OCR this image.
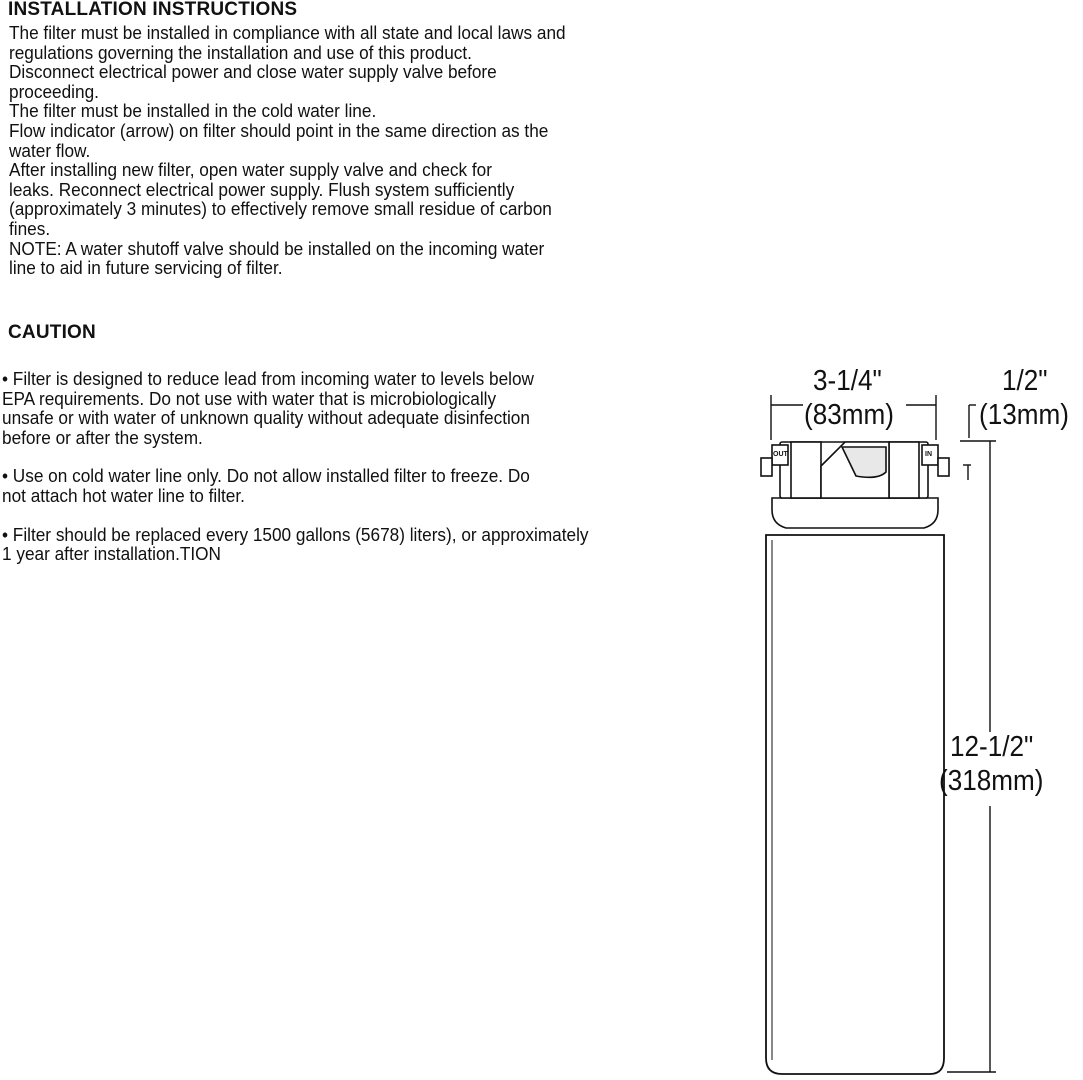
INSTALLATION INSTRUCTIONS

The filter must be installed in compliance with all state and local laws and
regulations governing the installation and use of this product.

Disconnect electrical power and close water supply valve before
proceeding.

The filter must be installed in the cold water line.

Flow indicator (arrow) on filter should point in the same direction as the
water flow.

After installing new filter, open water supply valve and check for
leaks. Reconnect electrical power supply. Flush system sufficiently
(approximately 3 minutes) to effectively remove small residue of carbon
fines.

NOTE: A water shutoff valve should be installed on the incoming water
line to aid in future servicing of filter.

CAUTION

• Filter is designed to reduce lead from incoming water to levels below
EPA requirements. Do not use with water that is microbiologically
unsafe or with water of unknown quality without adequate disinfection
before or after the system.

• Use on cold water line only. Do not allow installed filter to freeze. Do
not attach hot water line to filter.

• Filter should be replaced every 1500 gallons (5678) liters), or approximately
1 year after installation.TION

OUT	IN
3-1/4"
(83mm)
1/2"
(13mm)
12-1/2"
(318mm)
